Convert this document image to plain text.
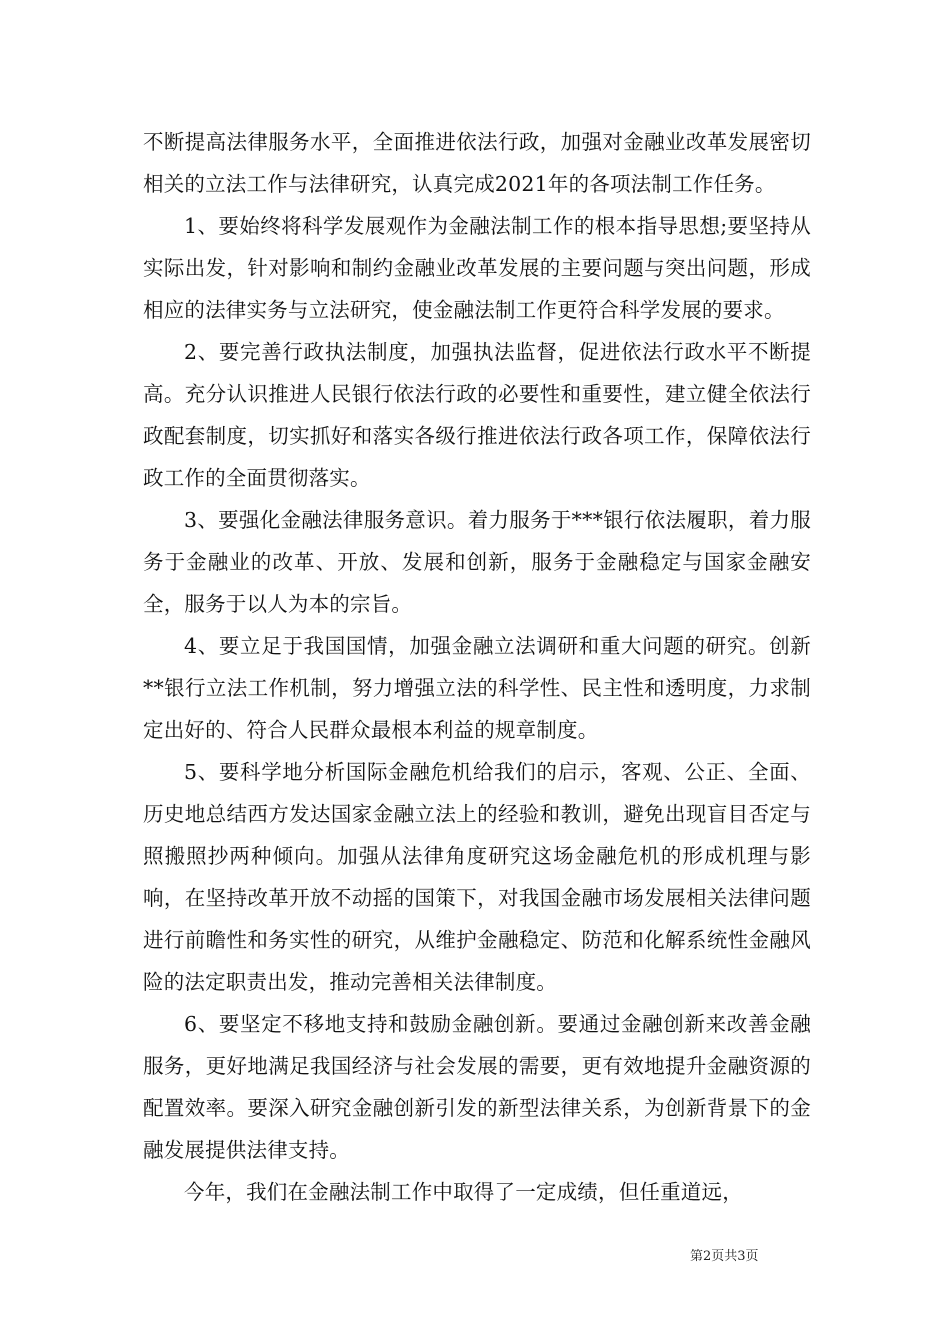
不断提高法律服务水平，全面推进依法行政，加强对金融业改革发展密切相关的立法工作与法律研究，认真完成2021年的各项法制工作任务。

1、要始终将科学发展观作为金融法制工作的根本指导思想;要坚持从实际出发，针对影响和制约金融业改革发展的主要问题与突出问题，形成相应的法律实务与立法研究，使金融法制工作更符合科学发展的要求。

2、要完善行政执法制度，加强执法监督，促进依法行政水平不断提高。充分认识推进人民银行依法行政的必要性和重要性，建立健全依法行政配套制度，切实抓好和落实各级行推进依法行政各项工作，保障依法行政工作的全面贯彻落实。

3、要强化金融法律服务意识。着力服务于***银行依法履职，着力服务于金融业的改革、开放、发展和创新，服务于金融稳定与国家金融安全，服务于以人为本的宗旨。

4、要立足于我国国情，加强金融立法调研和重大问题的研究。创新**银行立法工作机制，努力增强立法的科学性、民主性和透明度，力求制定出好的、符合人民群众最根本利益的规章制度。

5、要科学地分析国际金融危机给我们的启示，客观、公正、全面、历史地总结西方发达国家金融立法上的经验和教训，避免出现盲目否定与照搬照抄两种倾向。加强从法律角度研究这场金融危机的形成机理与影响，在坚持改革开放不动摇的国策下，对我国金融市场发展相关法律问题进行前瞻性和务实性的研究，从维护金融稳定、防范和化解系统性金融风险的法定职责出发，推动完善相关法律制度。

6、要坚定不移地支持和鼓励金融创新。要通过金融创新来改善金融服务，更好地满足我国经济与社会发展的需要，更有效地提升金融资源的配置效率。要深入研究金融创新引发的新型法律关系，为创新背景下的金融发展提供法律支持。

今年，我们在金融法制工作中取得了一定成绩，但任重道远，

第2页共3页
